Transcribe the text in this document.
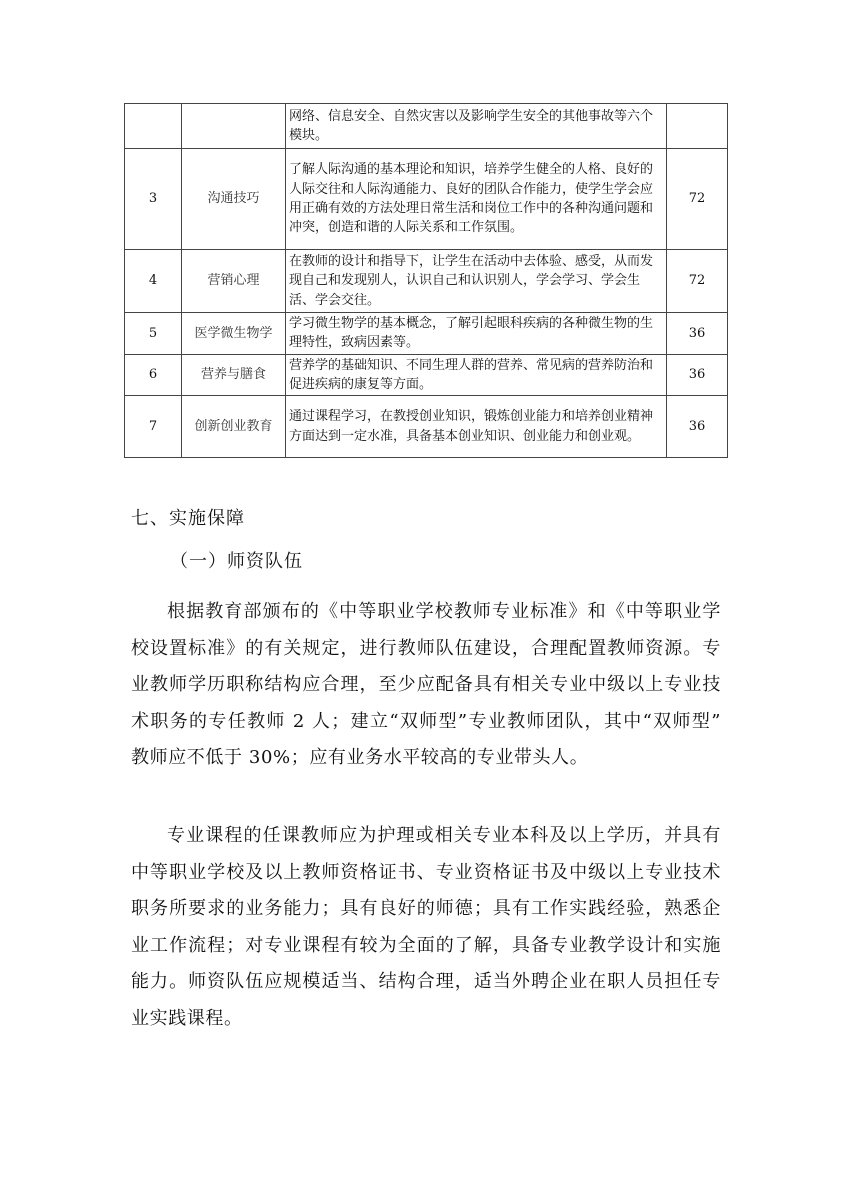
		网络、信息安全、自然灾害以及影响学生安全的其他事故等六个模块。	
3	沟通技巧	了解人际沟通的基本理论和知识，培养学生健全的人格、良好的人际交往和人际沟通能力、良好的团队合作能力，使学生学会应用正确有效的方法处理日常生活和岗位工作中的各种沟通问题和冲突，创造和谐的人际关系和工作氛围。	72
4	营销心理	在教师的设计和指导下，让学生在活动中去体验、感受，从而发现自己和发现别人，认识自己和认识别人，学会学习、学会生活、学会交往。	72
5	医学微生物学	学习微生物学的基本概念，了解引起眼科疾病的各种微生物的生理特性，致病因素等。	36
6	营养与膳食	营养学的基础知识、不同生理人群的营养、常见病的营养防治和促进疾病的康复等方面。	36
7	创新创业教育	通过课程学习，在教授创业知识，锻炼创业能力和培养创业精神方面达到一定水准，具备基本创业知识、创业能力和创业观。	36
七、实施保障
（一）师资队伍

根据教育部颁布的《中等职业学校教师专业标准》和《中等职业学校设置标准》的有关规定，进行教师队伍建设，合理配置教师资源。专业教师学历职称结构应合理，至少应配备具有相关专业中级以上专业技术职务的专任教师 2 人；建立“双师型”专业教师团队，其中“双师型” 教师应不低于 30%；应有业务水平较高的专业带头人。

专业课程的任课教师应为护理或相关专业本科及以上学历，并具有中等职业学校及以上教师资格证书、专业资格证书及中级以上专业技术职务所要求的业务能力；具有良好的师德；具有工作实践经验，熟悉企业工作流程；对专业课程有较为全面的了解，具备专业教学设计和实施能力。师资队伍应规模适当、结构合理，适当外聘企业在职人员担任专业实践课程。
